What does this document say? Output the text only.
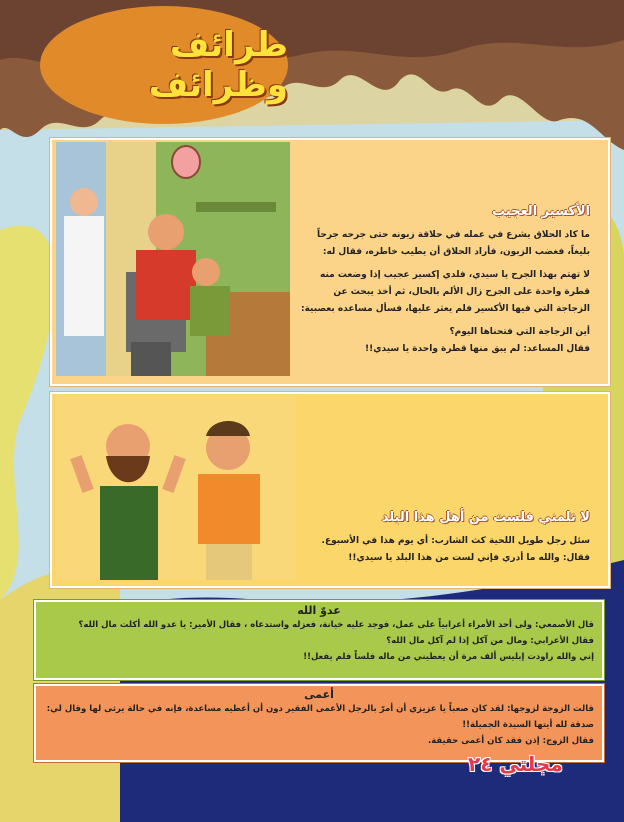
طرائف وظرائف
الأكسير العجيب

ما كاد الحلاق يشرع في عمله في حلاقة زبونه حتى جرحه جرحاً بليغاً، فغضب الزبون، فأراد الحلاق أن يطيب خاطره، فقال له:

لا تهتم بهذا الجرح يا سيدي، فلدي إكسير عجيب إذا وضعت منه قطرة واحدة على الجرح زال الألم بالحال، ثم أخذ يبحث عن الزجاجة التي فيها الأكسير فلم يعثر عليها، فسأل مساعده بعصبية:

أين الزجاجة التي فتحناها اليوم؟

فقال المساعد: لم يبق منها قطرة واحدة يا سيدي!!

لا تلمني فلست من أهل هذا البلد

سئل رجل طويل اللحية كث الشارب: أي يوم هذا في الأسبوع.

فقال: والله ما أدري فإني لست من هذا البلد يا سيدي!!

عدوّ الله
قال الأصمعي: ولى أحد الأمراء أعرابياً على عمل، فوجد عليه خيانة، فعزله واستدعاه ، فقال الأمير: يا عدو الله أكلت مال الله؟
فقال الأعرابي: ومال من آكل إذا لم آكل مال الله؟
إني والله راودت إبليس ألف مرة أن يعطيني من ماله فلساً فلم يفعل!!
أعمى
قالت الزوجة لزوجها: لقد كان صعباً يا عزيزي أن أمرّ بالرجل الأعمى الفقير دون أن أعطيه مساعدة، فإنه في حالة يرثى لها وقال لي:
صدقة لله أيتها السيدة الجميلة!!
فقال الزوج: إذن فقد كان أعمى حقيقة.
مجلتي ٢٤
